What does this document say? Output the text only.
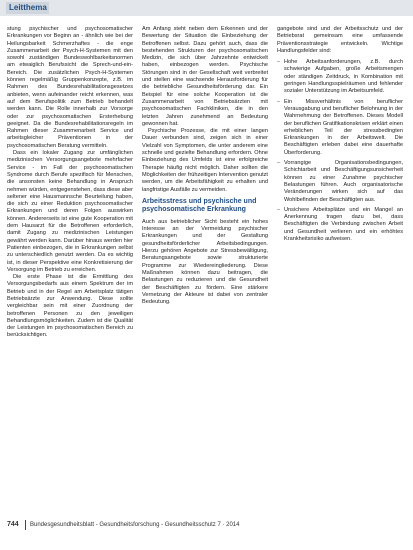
Leitthema

stung psychischer und psychosomatischer Erkrankungen vor Beginn an - ähnlich wie bei der Heilungsbarkeit Schmerzhaftes - die enge Zusammenarbeit der Psych-H-Systemen mit den sowohl zuständigen Bundeswohlbarkeitsnormen am etwaiglich Berufssicht die Sprech-und-ein-Bereich. Die zusätzlichen Psych-H-Systemen können regelmäßig Gruppenkonzepte, z.B. im Rahmen des Bundesrehabilitationsgesetzes anbieten, wenn aufeinander reicht erkennen, was auf dem Berufspolitik zum Betrieb behandelt werden kann. Die Rolle innerhalb zur Vorsorge oder zur psychosomatischen Ersterhebung geeignet. Da die Bundesrehabilitationsregeln im Rahmen dieser Zusammenarbeit Service und arbeitsgleicher Präventionen in der psychosomatischen Beratung vermitteln.

Dass ein lokaler Zugang zur umfänglichen medizinischen Versorgungsangebote mehrfacher Service - im Fall der psychosomatischen Syndrome durch Berufe spezifisch für Menschen, die ansonsten keine Behandlung in Anspruch nehmen würden, entgegenstehen, dass diese aber seltener eine Hausmannsche Beurteilung haben, die sich zu einer Reduktion psychosomatischer Erkrankungen und deren Folgen auswirken können. Andererseits ist eine gute Kooperation mit dem Hausarzt für die Betroffenen erforderlich, damit Zugang zu medizinischen Leistungen gewährt werden kann. Darüber hinaus werden hier Patienten einbezogen, die in Erkrankungen selbst zu unterschiedlich genutzt werden. Da es wichtig ist, in dieser Perspektive eine Konkretisierung der Versorgung im Betrieb zu erreichen.

Die erste Phase ist die Ermittlung des Versorgungsbedarfs aus einem Spektrum der im Betrieb und in der Regel am Arbeitsplatz tätigen Betriebsärzte zur Anwendung. Diese sollte vergleichbar sein mit einer Zuordnung der betroffenen Personen zu den jeweiligen Behandlungsmöglichkeiten. Zudem ist die Qualität der Leistungen im psychosomatischen Bereich zu berücksichtigen.

Am Anfang steht neben dem Erkennen und der Bewertung der Situation die Einbeziehung der Betroffenen selbst. Dazu gehört auch, dass die bestehenden Strukturen der psychosomatischen Medizin, die sich über Jahrzehnte entwickelt haben, einbezogen werden. Psychische Störungen sind in der Gesellschaft weit verbreitet und stellen eine wachsende Herausforderung für die betriebliche Gesundheitsförderung dar. Ein Beispiel für eine solche Kooperation ist die Zusammenarbeit von Betriebsärzten mit psychosomatischen Fachkliniken, die in den letzten Jahren zunehmend an Bedeutung gewonnen hat.

Psychische Prozesse, die mit einer langen Dauer verbunden sind, zeigen sich in einer Vielzahl von Symptomen, die unter anderem eine schnelle und gezielte Behandlung erfordern. Ohne Einbeziehung des Umfelds ist eine erfolgreiche Therapie häufig nicht möglich. Daher sollten die Möglichkeiten der frühzeitigen Intervention genutzt werden, um die Arbeitsfähigkeit zu erhalten und langfristige Ausfälle zu vermeiden.

Arbeitsstress und psychische und psychosomatische Erkrankung

Auch aus betrieblicher Sicht besteht ein hohes Interesse an der Vermeidung psychischer Erkrankungen und der Gestaltung gesundheitsförderlicher Arbeitsbedingungen. Hierzu gehören Angebote zur Stressbewältigung, Beratungsangebote sowie strukturierte Programme zur Wiedereingliederung. Diese Maßnahmen können dazu beitragen, die Belastungen zu reduzieren und die Gesundheit der Beschäftigten zu fördern. Eine stärkere Vernetzung der Akteure ist dabei von zentraler Bedeutung.

gangebote sind und der Arbeitsschutz und der Betriebsrat gemeinsam eine umfassende Präventionsstrategie entwickeln. Wichtige Handlungsfelder sind:

– Hohe Arbeitsanforderungen, z.B. durch schwierige Aufgaben, große Arbeitsmengen oder ständigen Zeitdruck, in Kombination mit geringen Handlungsspielräumen und fehlender sozialer Unterstützung im Arbeitsumfeld.
– Ein Missverhältnis von beruflicher Verausgabung und beruflicher Belohnung in der Wahrnehmung der Betroffenen. Dieses Modell der beruflichen Gratifikationskrisen erklärt einen erheblichen Teil der stressbedingten Erkrankungen in der Arbeitswelt. Die Beschäftigten erleben dabei eine dauerhafte Überforderung.
– Vorrangige Organisationsbedingungen, Schichtarbeit und Beschäftigungsunsicherheit können zu einer Zunahme psychischer Belastungen führen. Auch organisatorische Veränderungen wirken sich auf das Wohlbefinden der Beschäftigten aus.
– Unsichere Arbeitsplätze und ein Mangel an Anerkennung tragen dazu bei, dass Beschäftigten die Verbindung zwischen Arbeit und Gesundheit verlieren und ein erhöhtes Krankheitsrisiko aufweisen.
744 Bundesgesundheitsblatt - Gesundheitsforschung - Gesundheitsschutz 7 · 2014
